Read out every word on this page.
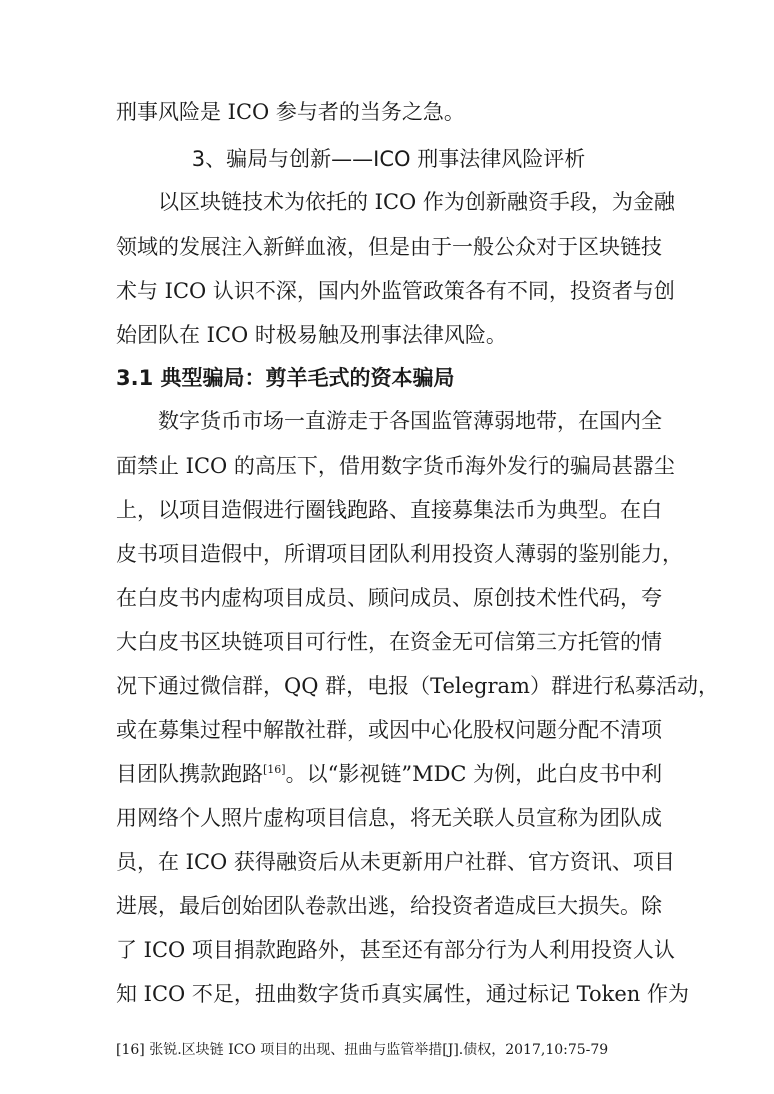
刑事风险是 ICO 参与者的当务之急。
3、骗局与创新——ICO 刑事法律风险评析
以区块链技术为依托的 ICO 作为创新融资手段，为金融
领域的发展注入新鲜血液，但是由于一般公众对于区块链技
术与 ICO 认识不深，国内外监管政策各有不同，投资者与创
始团队在 ICO 时极易触及刑事法律风险。
3.1 典型骗局：剪羊毛式的资本骗局
数字货币市场一直游走于各国监管薄弱地带，在国内全
面禁止 ICO 的高压下，借用数字货币海外发行的骗局甚嚣尘
上，以项目造假进行圈钱跑路、直接募集法币为典型。在白
皮书项目造假中，所谓项目团队利用投资人薄弱的鉴别能力，
在白皮书内虚构项目成员、顾问成员、原创技术性代码，夸
大白皮书区块链项目可行性，在资金无可信第三方托管的情
况下通过微信群，QQ 群，电报（Telegram）群进行私募活动，
或在募集过程中解散社群，或因中心化股权问题分配不清项
目团队携款跑路[16]。以“影视链”MDC 为例，此白皮书中利
用网络个人照片虚构项目信息，将无关联人员宣称为团队成
员，在 ICO 获得融资后从未更新用户社群、官方资讯、项目
进展，最后创始团队卷款出逃，给投资者造成巨大损失。除
了 ICO 项目捐款跑路外，甚至还有部分行为人利用投资人认
知 ICO 不足，扭曲数字货币真实属性，通过标记 Token 作为
[16] 张锐.区块链 ICO 项目的出现、扭曲与监管举措[J].债权，2017,10:75-79
